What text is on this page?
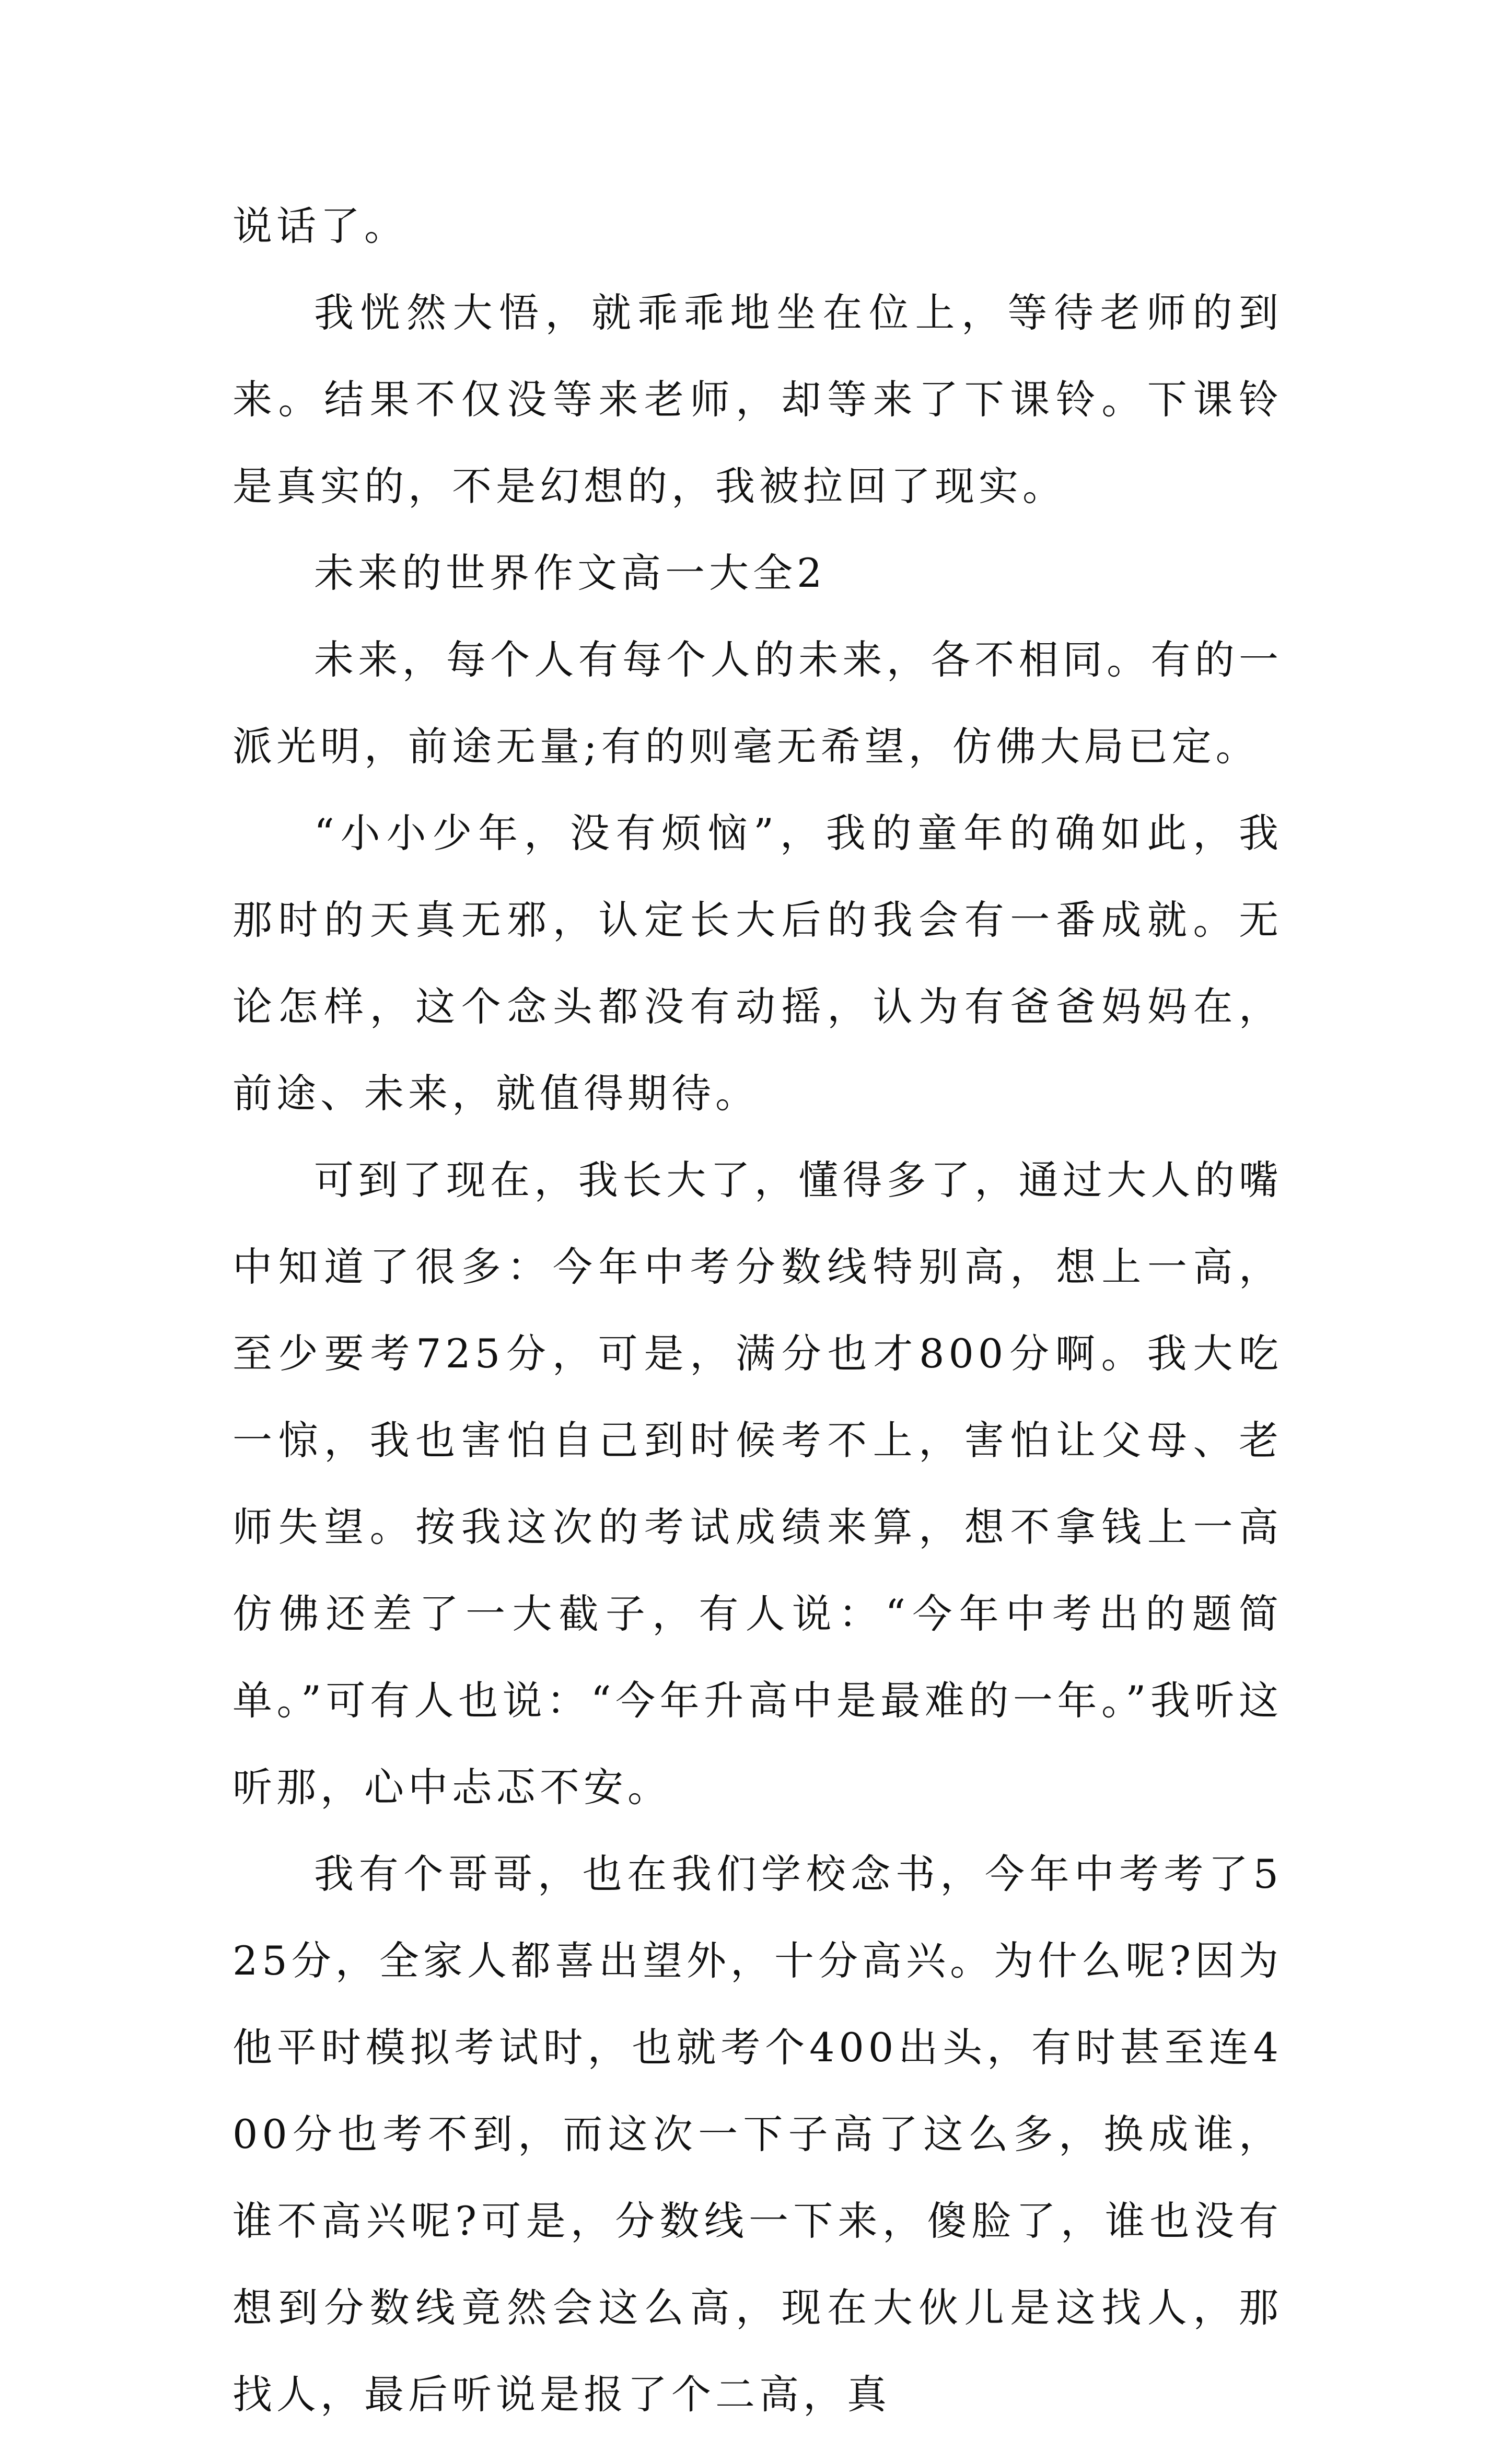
说话了。

我恍然大悟，就乖乖地坐在位上，等待老师的到来。结果不仅没等来老师，却等来了下课铃。下课铃是真实的，不是幻想的，我被拉回了现实。

未来的世界作文高一大全2

未来，每个人有每个人的未来，各不相同。有的一派光明，前途无量;有的则毫无希望，仿佛大局已定。

“小小少年，没有烦恼”，我的童年的确如此，我那时的天真无邪，认定长大后的我会有一番成就。无论怎样，这个念头都没有动摇，认为有爸爸妈妈在，前途、未来，就值得期待。

可到了现在，我长大了，懂得多了，通过大人的嘴中知道了很多：今年中考分数线特别高，想上一高，至少要考725分，可是，满分也才800分啊。我大吃一惊，我也害怕自己到时候考不上，害怕让父母、老师失望。按我这次的考试成绩来算，想不拿钱上一高仿佛还差了一大截子，有人说：“今年中考出的题简单。”可有人也说：“今年升高中是最难的一年。”我听这听那，心中忐忑不安。

我有个哥哥，也在我们学校念书，今年中考考了525分，全家人都喜出望外，十分高兴。为什么呢?因为他平时模拟考试时，也就考个400出头，有时甚至连400分也考不到，而这次一下子高了这么多，换成谁，谁不高兴呢?可是，分数线一下来，傻脸了，谁也没有想到分数线竟然会这么高，现在大伙儿是这找人，那找人，最后听说是报了个二高，真
